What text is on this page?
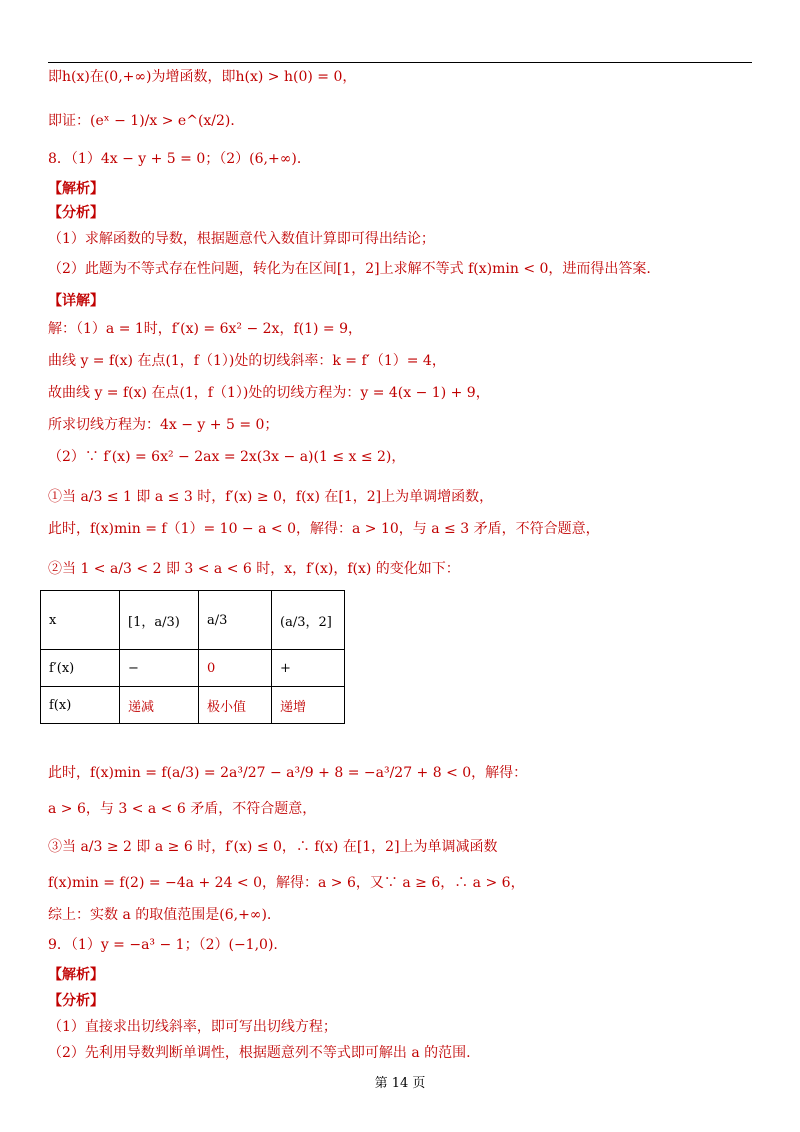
即h(x)在(0,+∞)为增函数，即h(x) > h(0) = 0，
即证：(eˣ − 1)/x > e^(x/2)．
8．（1）4x − y + 5 = 0；（2）(6,+∞)．
【解析】
【分析】
（1）求解函数的导数，根据题意代入数值计算即可得出结论；
（2）此题为不等式存在性问题，转化为在区间[1，2]上求解不等式 f(x)min < 0，进而得出答案.
【详解】
解：（1）a = 1时，f′(x) = 6x² − 2x，f(1) = 9，
曲线 y = f(x) 在点(1，f（1）)处的切线斜率：k = f′（1）= 4，
故曲线 y = f(x) 在点(1，f（1）)处的切线方程为：y = 4(x − 1) + 9，
所求切线方程为：4x − y + 5 = 0；
（2）∵ f′(x) = 6x² − 2ax = 2x(3x − a)(1 ≤ x ≤ 2)，
①当 a/3 ≤ 1 即 a ≤ 3 时，f′(x) ≥ 0，f(x) 在[1，2]上为单调增函数，
此时，f(x)min = f（1）= 10 − a < 0，解得：a > 10，与 a ≤ 3 矛盾，不符合题意，
②当 1 < a/3 < 2 即 3 < a < 6 时，x，f′(x)，f(x) 的变化如下：
此时，f(x)min = f(a/3) = 2a³/27 − a³/9 + 8 = −a³/27 + 8 < 0，解得：
a > 6，与 3 < a < 6 矛盾，不符合题意，
③当 a/3 ≥ 2 即 a ≥ 6 时，f′(x) ≤ 0，∴ f(x) 在[1，2]上为单调减函数
f(x)min = f(2) = −4a + 24 < 0，解得：a > 6，又∵ a ≥ 6，∴ a > 6，
综上：实数 a 的取值范围是(6,+∞).
9．（1）y = −a³ − 1；（2）(−1,0).
【解析】
【分析】
（1）直接求出切线斜率，即可写出切线方程；
（2）先利用导数判断单调性，根据题意列不等式即可解出 a 的范围.
x	[1，a/3)	a/3	(a/3，2]
f′(x)	−	0	+
f(x)	递减	极小值	递增
第 14 页
